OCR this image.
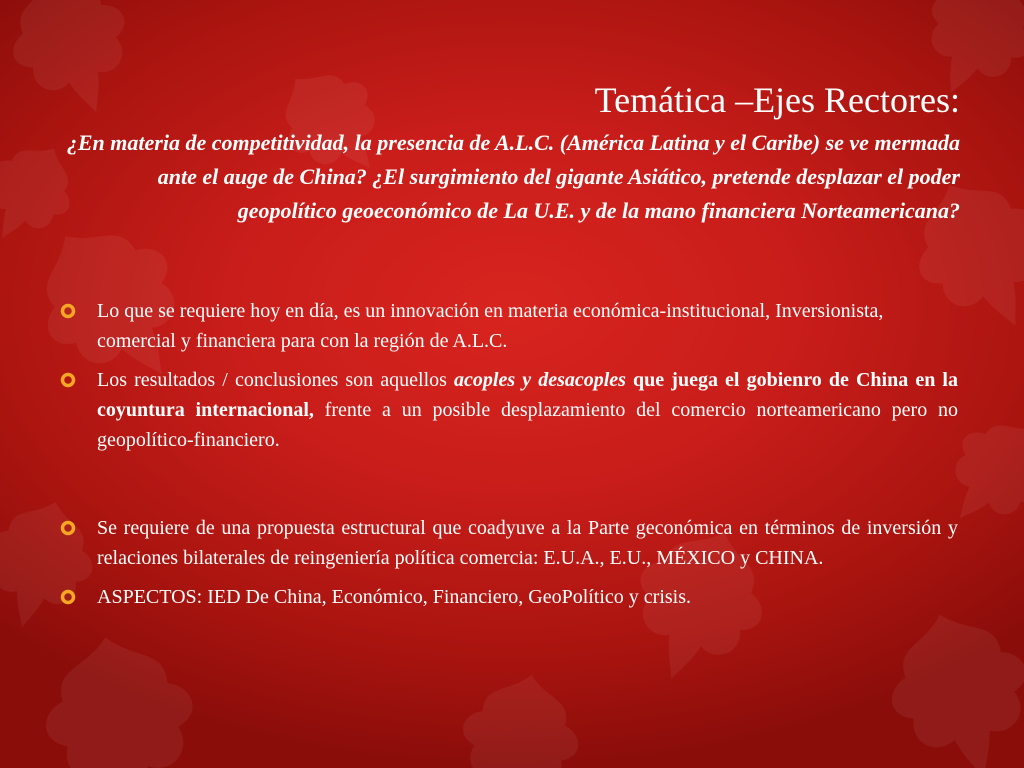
Temática –Ejes Rectores:

¿En materia de competitividad, la presencia de A.L.C. (América Latina y el Caribe) se ve mermada ante el auge de China? ¿El surgimiento del gigante Asiático, pretende desplazar el poder geopolítico geoeconómico de La U.E. y de la mano financiera Norteamericana?

Lo que se requiere hoy en día, es un innovación en materia económica-institucional, Inversionista, comercial y financiera para con la región de A.L.C.

Los resultados / conclusiones son aquellos acoples y desacoples que juega el gobienro de China en la coyuntura internacional, frente a un posible desplazamiento del comercio norteamericano pero no geopolítico-financiero.

Se requiere de una propuesta estructural que coadyuve a la Parte geconómica en términos de inversión y relaciones bilaterales de reingeniería política comercia: E.U.A., E.U., MÉXICO y CHINA.

ASPECTOS: IED De China, Económico, Financiero, GeoPolítico y crisis.
